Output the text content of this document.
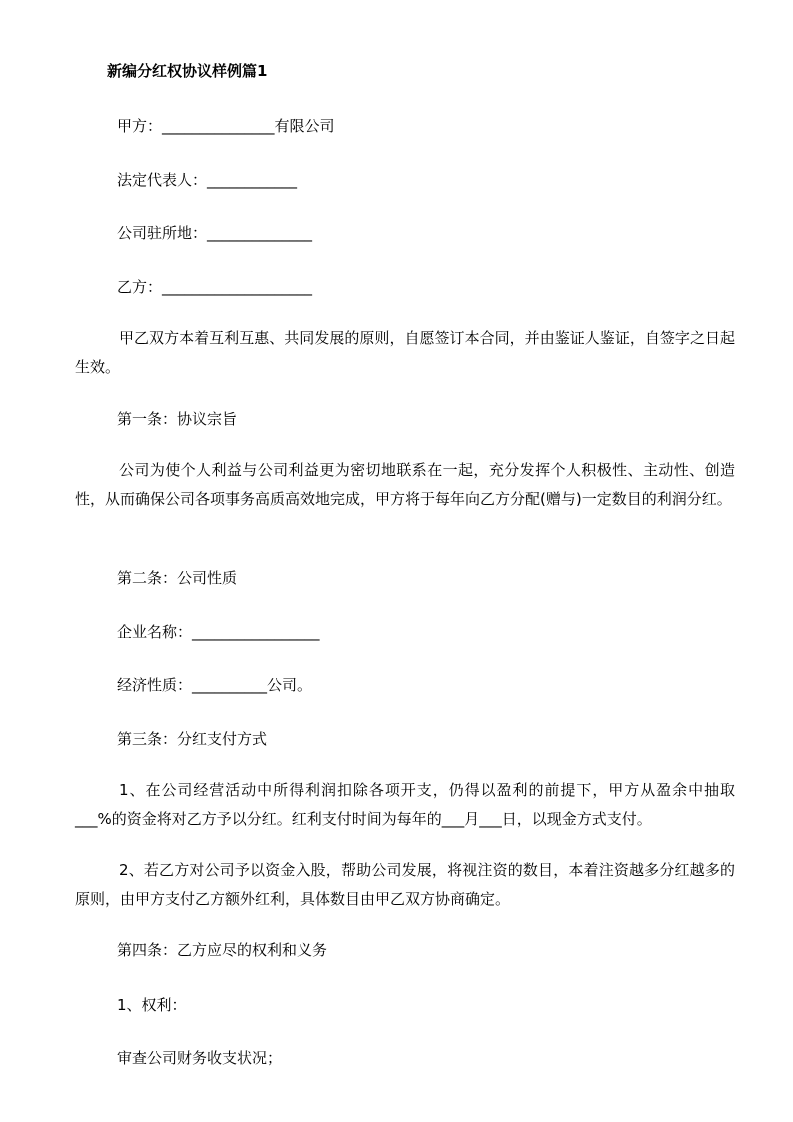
新编分红权协议样例篇1
甲方：_______________有限公司
法定代表人：____________
公司驻所地：______________
乙方：____________________
甲乙双方本着互利互惠、共同发展的原则，自愿签订本合同，并由鉴证人鉴证，自签字之日起生效。
第一条：协议宗旨
公司为使个人利益与公司利益更为密切地联系在一起，充分发挥个人积极性、主动性、创造性，从而确保公司各项事务高质高效地完成，甲方将于每年向乙方分配(赠与)一定数目的利润分红。
第二条：公司性质
企业名称：_________________
经济性质：__________公司。
第三条：分红支付方式
1、在公司经营活动中所得利润扣除各项开支，仍得以盈利的前提下，甲方从盈余中抽取___%的资金将对乙方予以分红。红利支付时间为每年的___月___日，以现金方式支付。
2、若乙方对公司予以资金入股，帮助公司发展，将视注资的数目，本着注资越多分红越多的原则，由甲方支付乙方额外红利，具体数目由甲乙双方协商确定。
第四条：乙方应尽的权利和义务
1、权利：
审查公司财务收支状况；
